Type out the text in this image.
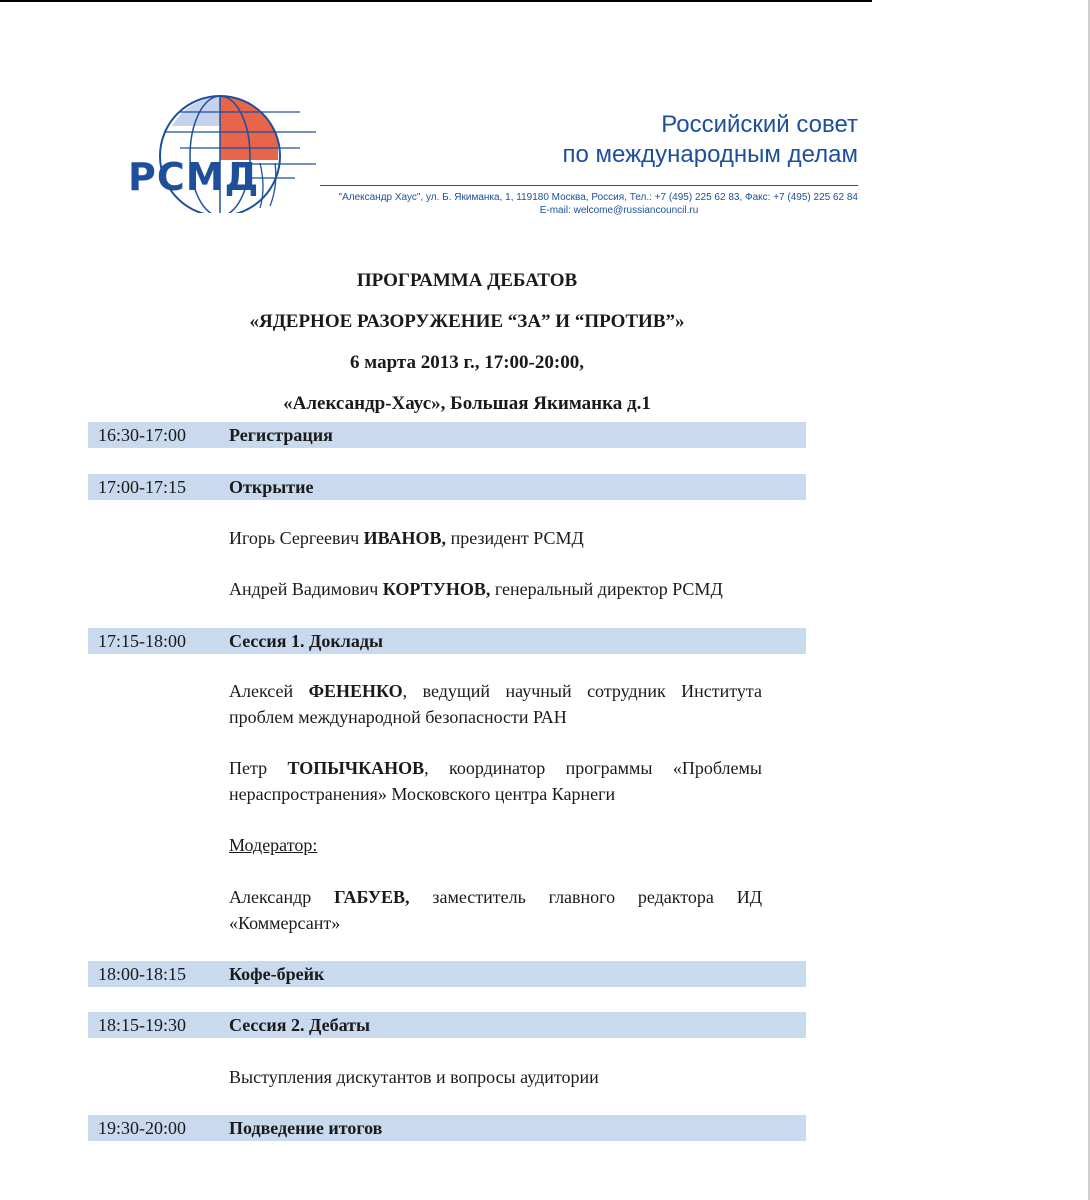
РСМД
Российский совет
по международным делам
"Александр Хаус", ул. Б. Якиманка, 1, 119180 Москва, Россия, Тел.: +7 (495) 225 62 83, Факс: +7 (495) 225 62 84
E-mail: welcome@russiancouncil.ru
ПРОГРАММА ДЕБАТОВ
«ЯДЕРНОЕ РАЗОРУЖЕНИЕ “ЗА” И “ПРОТИВ”»
6 марта 2013 г., 17:00-20:00,
«Александр-Хаус», Большая Якиманка д.1
16:30-17:00 Регистрация
17:00-17:15 Открытие
Игорь Сергеевич ИВАНОВ, президент РСМД
Андрей Вадимович КОРТУНОВ, генеральный директор РСМД
17:15-18:00 Сессия 1. Доклады
Алексей ФЕНЕНКО, ведущий научный сотрудник Института проблем международной безопасности РАН
Петр ТОПЫЧКАНОВ, координатор программы «Проблемы нераспространения» Московского центра Карнеги
Модератор:
Александр ГАБУЕВ, заместитель главного редактора ИД «Коммерсант»
18:00-18:15 Кофе-брейк
18:15-19:30 Сессия 2. Дебаты
Выступления дискутантов и вопросы аудитории
19:30-20:00 Подведение итогов
